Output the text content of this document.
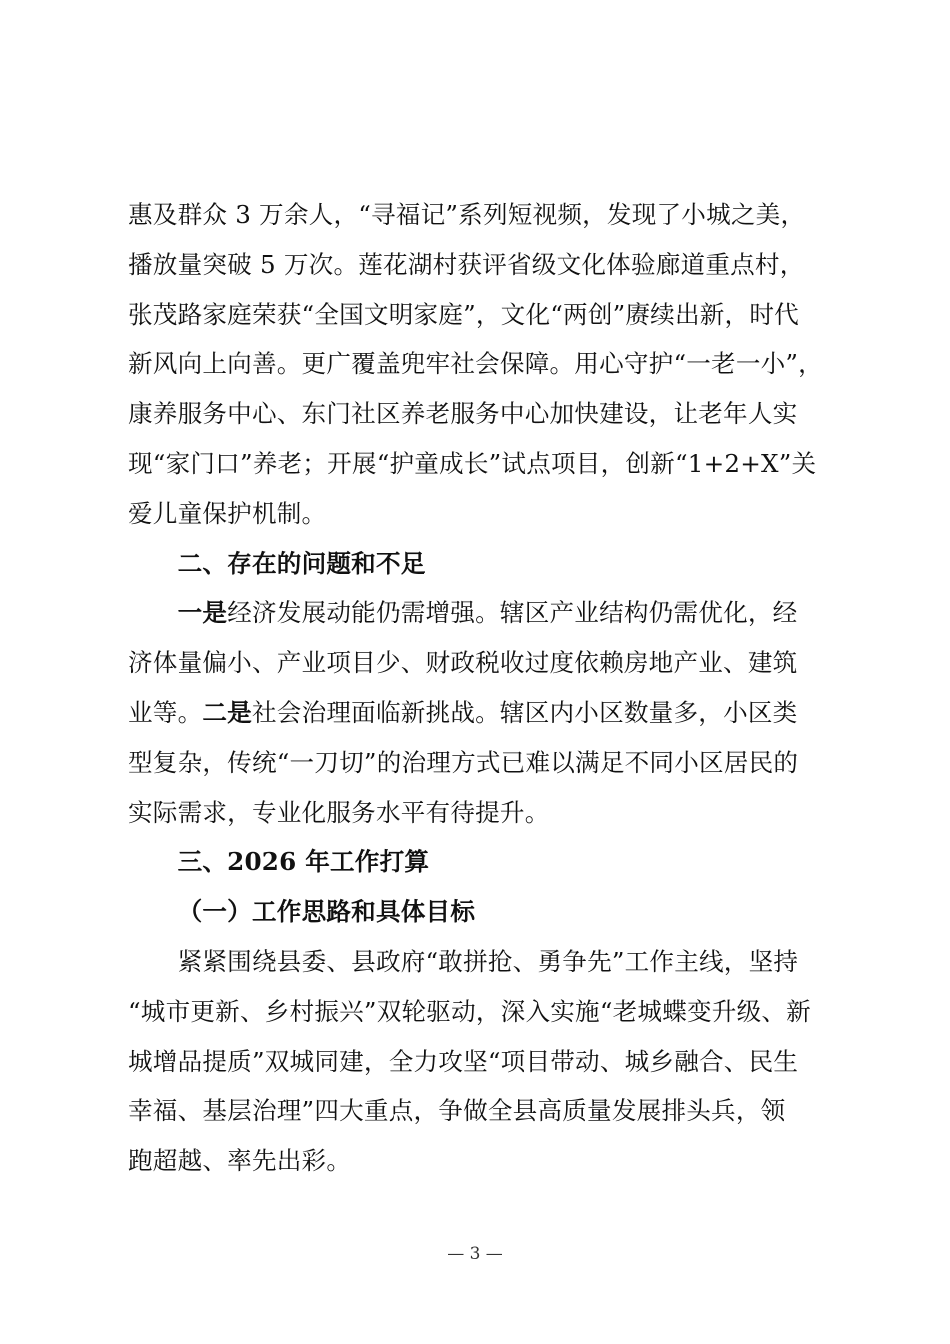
惠及群众 3 万余人，“寻福记”系列短视频，发现了小城之美，
播放量突破 5 万次。莲花湖村获评省级文化体验廊道重点村，
张茂路家庭荣获“全国文明家庭”，文化“两创”赓续出新，时代
新风向上向善。更广覆盖兜牢社会保障。用心守护“一老一小”，
康养服务中心、东门社区养老服务中心加快建设，让老年人实
现“家门口”养老；开展“护童成长”试点项目，创新“1+2+X”关
爱儿童保护机制。
二、存在的问题和不足
一是经济发展动能仍需增强。辖区产业结构仍需优化，经
济体量偏小、产业项目少、财政税收过度依赖房地产业、建筑
业等。二是社会治理面临新挑战。辖区内小区数量多，小区类
型复杂，传统“一刀切”的治理方式已难以满足不同小区居民的
实际需求，专业化服务水平有待提升。
三、2026 年工作打算
（一）工作思路和具体目标
紧紧围绕县委、县政府“敢拼抢、勇争先”工作主线，坚持
“城市更新、乡村振兴”双轮驱动，深入实施“老城蝶变升级、新
城增品提质”双城同建，全力攻坚“项目带动、城乡融合、民生
幸福、基层治理”四大重点，争做全县高质量发展排头兵，领
跑超越、率先出彩。
— 3 —
